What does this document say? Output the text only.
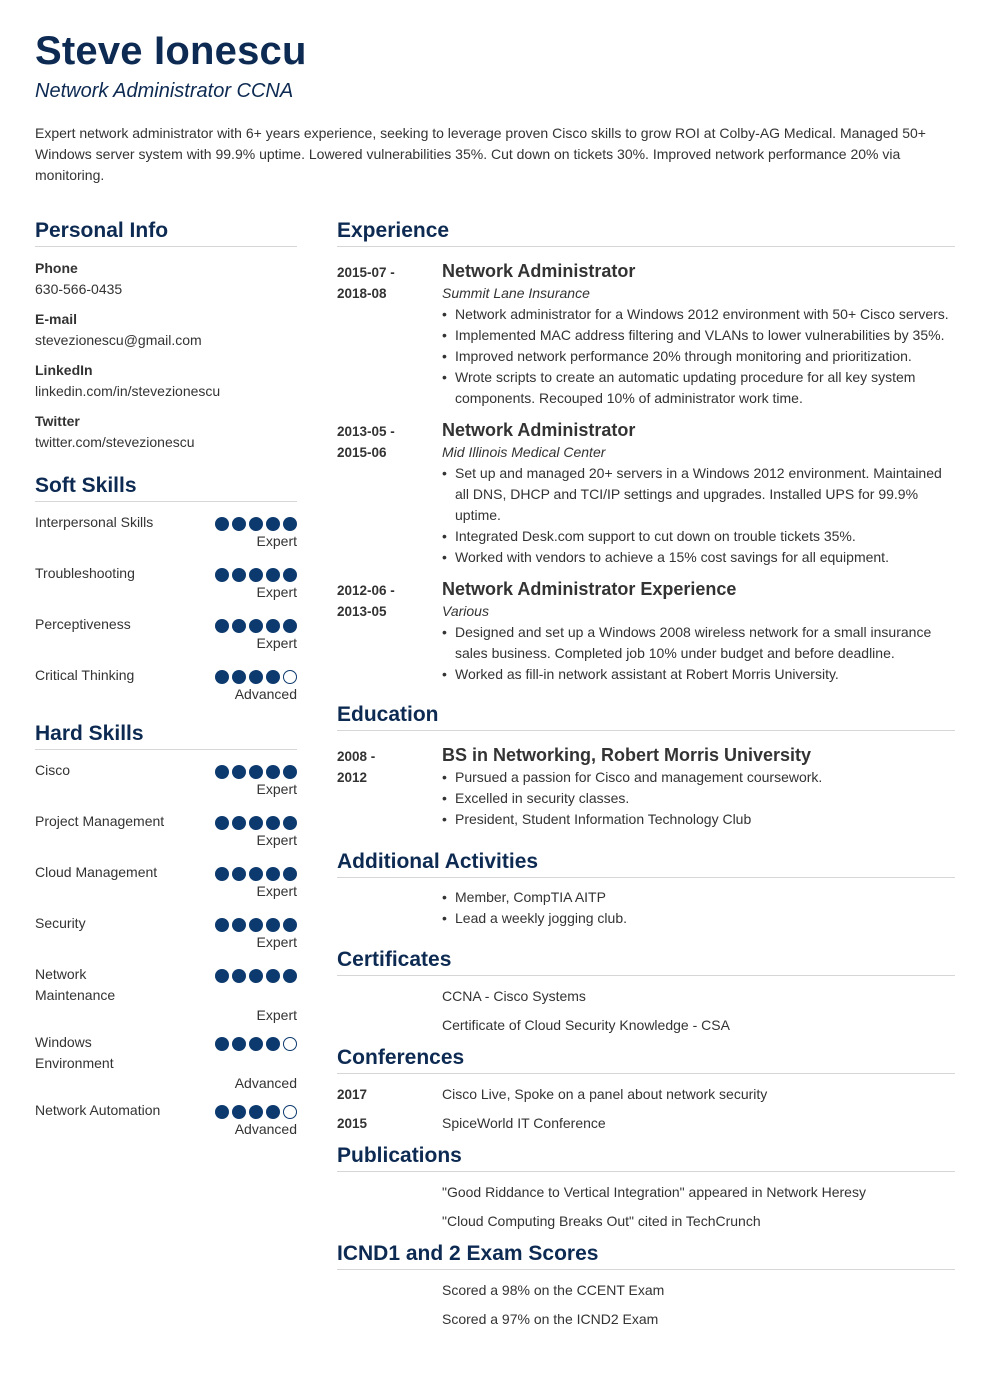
Steve Ionescu
Network Administrator CCNA
Expert network administrator with 6+ years experience, seeking to leverage proven Cisco skills to grow ROI at Colby-AG Medical. Managed 50+ Windows server system with 99.9% uptime. Lowered vulnerabilities 35%. Cut down on tickets 30%. Improved network performance 20% via monitoring.
Personal Info
Phone
630-566-0435
E-mail
stevezionescu@gmail.com
LinkedIn
linkedin.com/in/stevezionescu
Twitter
twitter.com/stevezionescu
Soft Skills
Interpersonal Skills
Expert
Troubleshooting
Expert
Perceptiveness
Expert
Critical Thinking
Advanced
Hard Skills
Cisco
Expert
Project Management
Expert
Cloud Management
Expert
Security
Expert
Network Maintenance
Expert
Windows Environment
Advanced
Network Automation
Advanced
Experience
2015-07 -
2018-08
Network Administrator
Summit Lane Insurance
• Network administrator for a Windows 2012 environment with 50+ Cisco servers.
• Implemented MAC address filtering and VLANs to lower vulnerabilities by 35%.
• Improved network performance 20% through monitoring and prioritization.
• Wrote scripts to create an automatic updating procedure for all key system components. Recouped 10% of administrator work time.
2013-05 -
2015-06
Network Administrator
Mid Illinois Medical Center
• Set up and managed 20+ servers in a Windows 2012 environment. Maintained all DNS, DHCP and TCI/IP settings and upgrades. Installed UPS for 99.9% uptime.
• Integrated Desk.com support to cut down on trouble tickets 35%.
• Worked with vendors to achieve a 15% cost savings for all equipment.
2012-06 -
2013-05
Network Administrator Experience
Various
• Designed and set up a Windows 2008 wireless network for a small insurance sales business. Completed job 10% under budget and before deadline.
• Worked as fill-in network assistant at Robert Morris University.
Education
2008 -
2012
BS in Networking, Robert Morris University
• Pursued a passion for Cisco and management coursework.
• Excelled in security classes.
• President, Student Information Technology Club
Additional Activities
• Member, CompTIA AITP
• Lead a weekly jogging club.
Certificates
CCNA - Cisco Systems
Certificate of Cloud Security Knowledge - CSA
Conferences
2017	Cisco Live, Spoke on a panel about network security
2015	SpiceWorld IT Conference
Publications
"Good Riddance to Vertical Integration" appeared in Network Heresy
"Cloud Computing Breaks Out" cited in TechCrunch
ICND1 and 2 Exam Scores
Scored a 98% on the CCENT Exam
Scored a 97% on the ICND2 Exam
